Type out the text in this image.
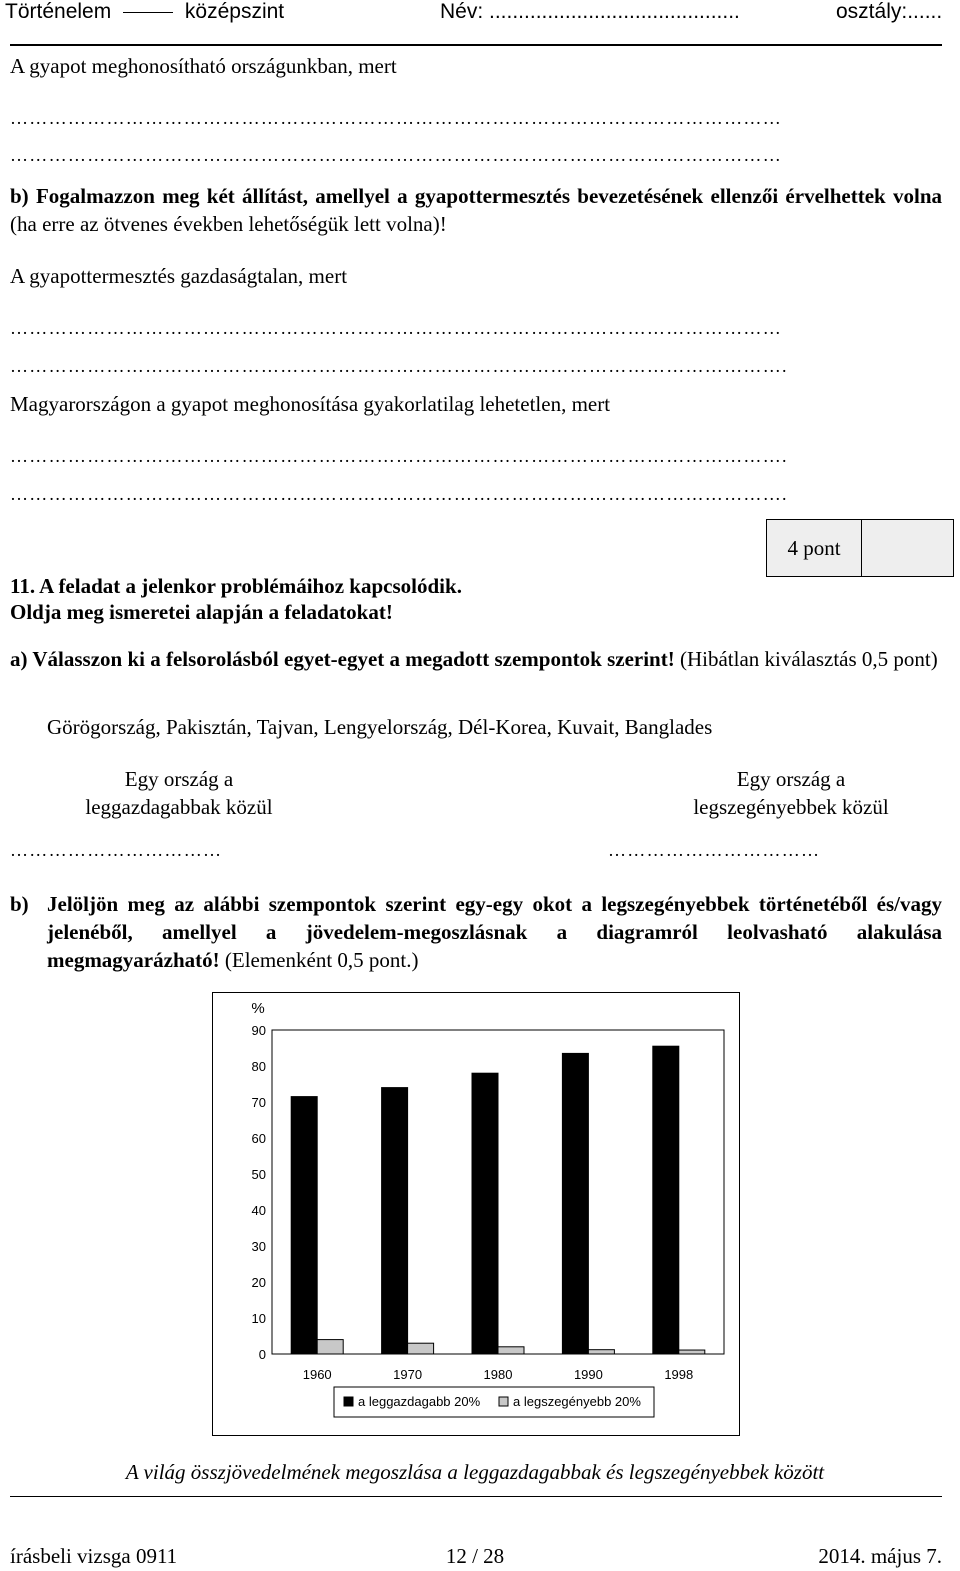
Történelem	középszint	Név: ...........................................	osztály:......
A gyapot meghonosítható országunkban, mert
…………………………………………………………………………………………………………
…………………………………………………………………………………………………………
b) Fogalmazzon meg két állítást, amellyel a gyapottermesztés bevezetésének ellenzői érvelhettek volna (ha erre az ötvenes években lehetőségük lett volna)!
A gyapottermesztés gazdaságtalan, mert
…………………………………………………………………………………………………………
………………………………………………………………………………………………………….
Magyarországon a gyapot meghonosítása gyakorlatilag lehetetlen, mert
………………………………………………………………………………………………………….
………………………………………………………………………………………………………….
4 pont
11. A feladat a jelenkor problémáihoz kapcsolódik.
Oldja meg ismeretei alapján a feladatokat!
a) Válasszon ki a felsorolásból egyet-egyet a megadott szempontok szerint! (Hibátlan kiválasztás 0,5 pont)
Görögország, Pakisztán, Tajvan, Lengyelország, Dél-Korea, Kuvait, Banglades
Egy ország a
leggazdagabbak közül
Egy ország a
legszegényebbek közül
……………………………	……………………………
b) Jelöljön meg az alábbi szempontok szerint egy-egy okot a legszegényebbek történetéből és/vagy jelenéből, amellyel a jövedelem-megoszlásnak a diagramról leolvasható alakulása megmagyarázható! (Elemenként 0,5 pont.)
%
0
10
20
30
40
50
60
70
80
90
1960	1970	1980	1990	1998
a leggazdagabb 20%	a legszegényebb 20%
A világ összjövedelmének megoszlása a leggazdagabbak és legszegényebbek között
írásbeli vizsga 0911	12 / 28	2014. május 7.
